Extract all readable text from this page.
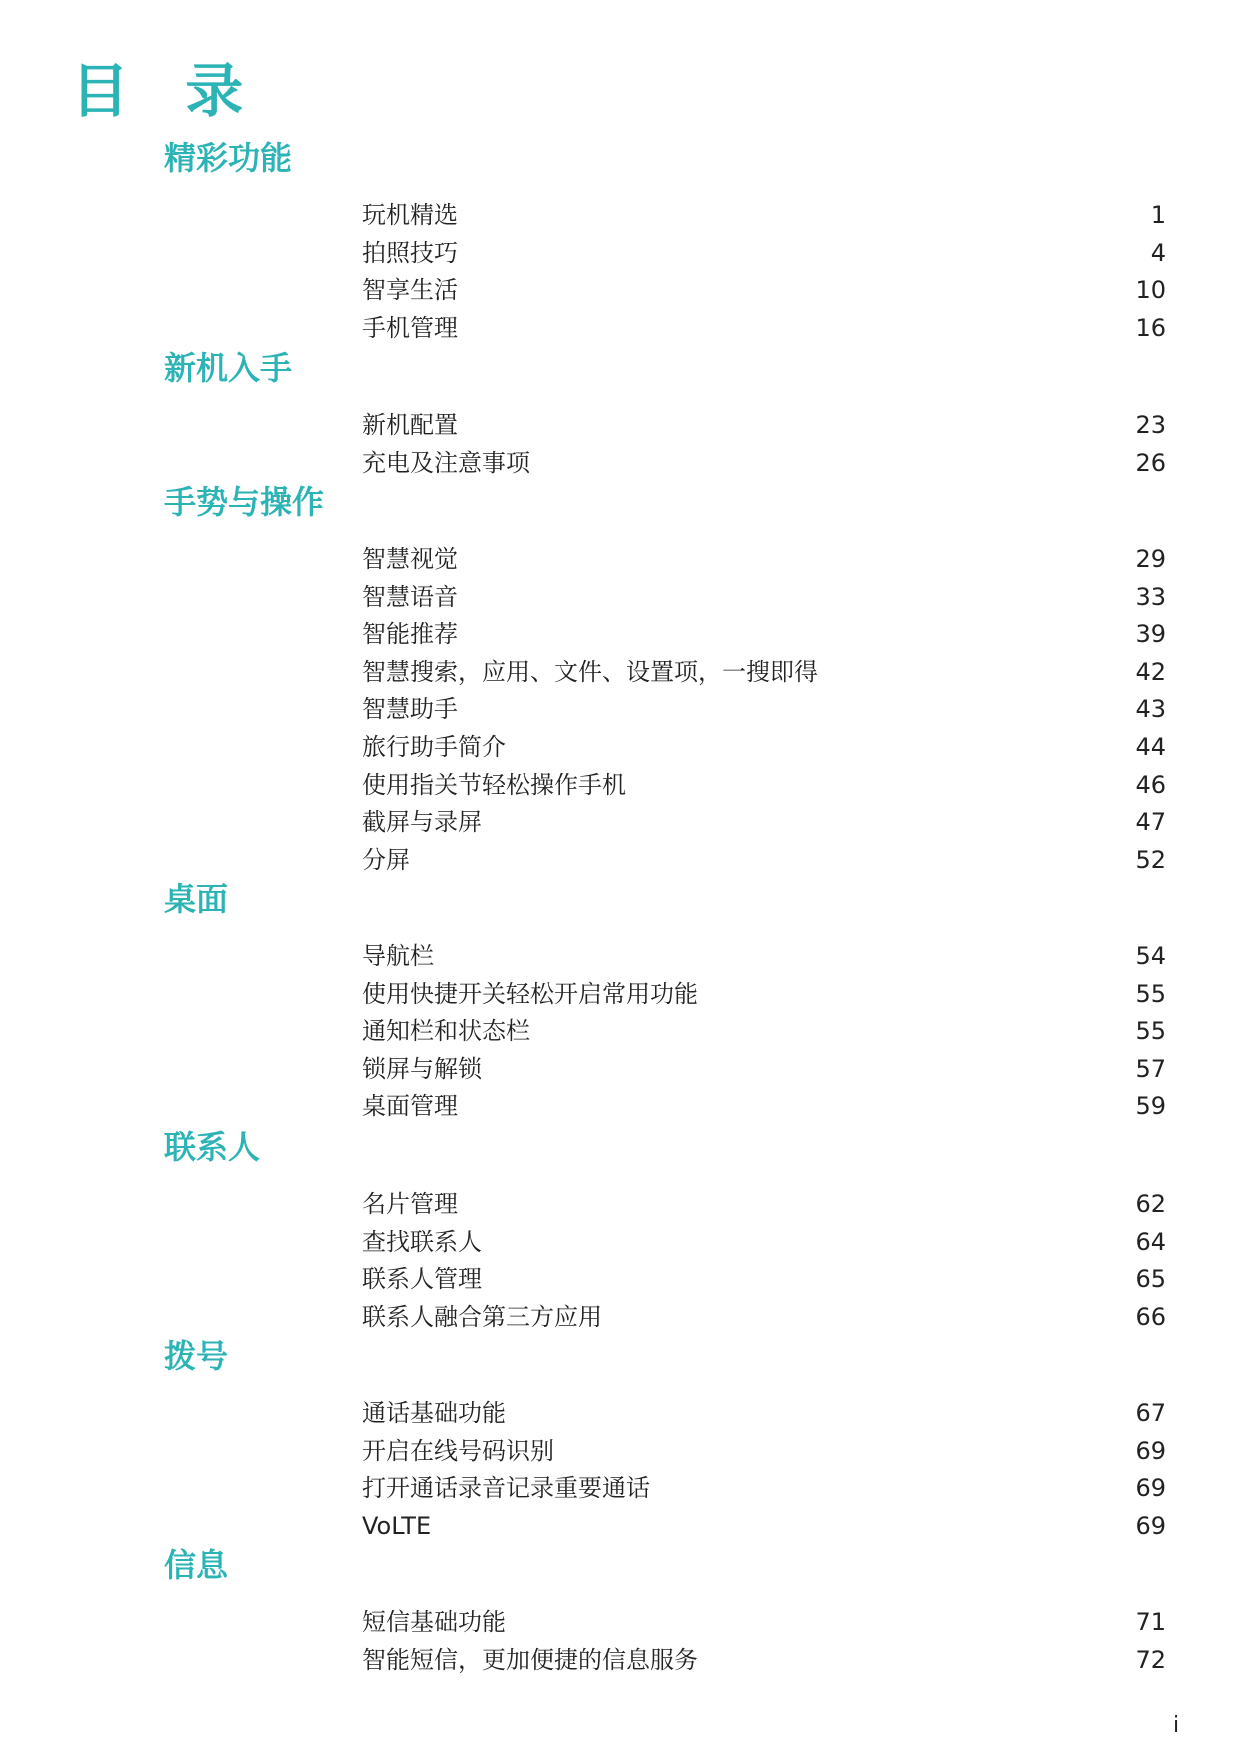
目 录
精彩功能
玩机精选	1
拍照技巧	4
智享生活	10
手机管理	16
新机入手
新机配置	23
充电及注意事项	26
手势与操作
智慧视觉	29
智慧语音	33
智能推荐	39
智慧搜索，应用、文件、设置项，一搜即得	42
智慧助手	43
旅行助手简介	44
使用指关节轻松操作手机	46
截屏与录屏	47
分屏	52
桌面
导航栏	54
使用快捷开关轻松开启常用功能	55
通知栏和状态栏	55
锁屏与解锁	57
桌面管理	59
联系人
名片管理	62
查找联系人	64
联系人管理	65
联系人融合第三方应用	66
拨号
通话基础功能	67
开启在线号码识别	69
打开通话录音记录重要通话	69
VoLTE	69
信息
短信基础功能	71
智能短信，更加便捷的信息服务	72
i
